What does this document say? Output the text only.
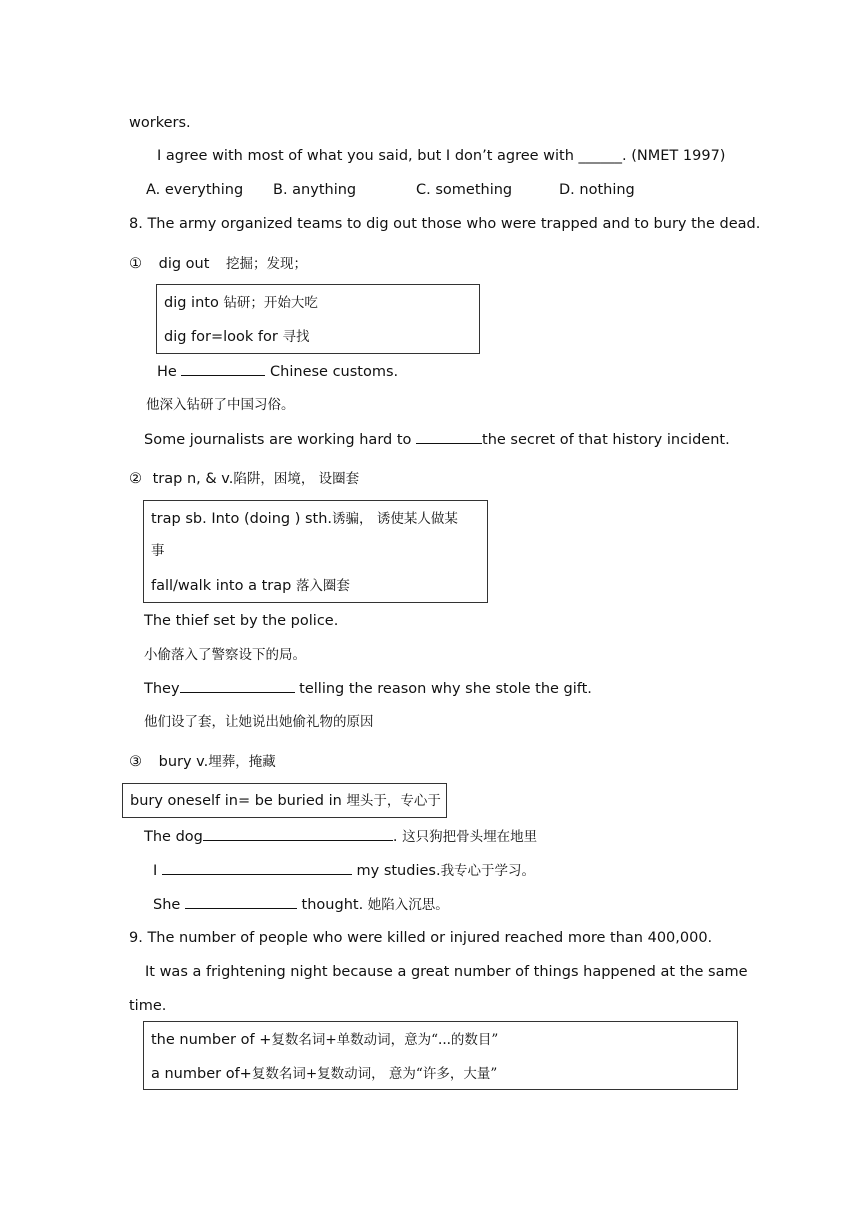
workers.
I agree with most of what you said, but I don’t agree with ______. (NMET 1997)
A. everything B. anything	C. something	D. nothing
8. The army organized teams to dig out those who were trapped and to bury the dead.
① dig out 挖掘；发现；
dig into 钻研；开始大吃
dig for=look for 寻找
He	Chinese customs.
他深入钻研了中国习俗。
Some journalists are working hard to	the secret of that history incident.
② trap n, & v.陷阱，困境， 设圈套
trap sb. Into (doing ) sth.诱骗， 诱使某人做某
事
fall/walk into a trap 落入圈套
The thief set by the police.
小偷落入了警察设下的局。
They	telling the reason why she stole the gift.
他们设了套，让她说出她偷礼物的原因
③ bury v.埋葬，掩藏
bury oneself in= be buried in 埋头于，专心于
The dog	. 这只狗把骨头埋在地里
I	my studies.我专心于学习。
She	thought. 她陷入沉思。
9. The number of people who were killed or injured reached more than 400,000.
It was a frightening night because a great number of things happened at the same
time.
the number of +复数名词+单数动词，意为“...的数目”
a number of+复数名词+复数动词， 意为“许多，大量”
